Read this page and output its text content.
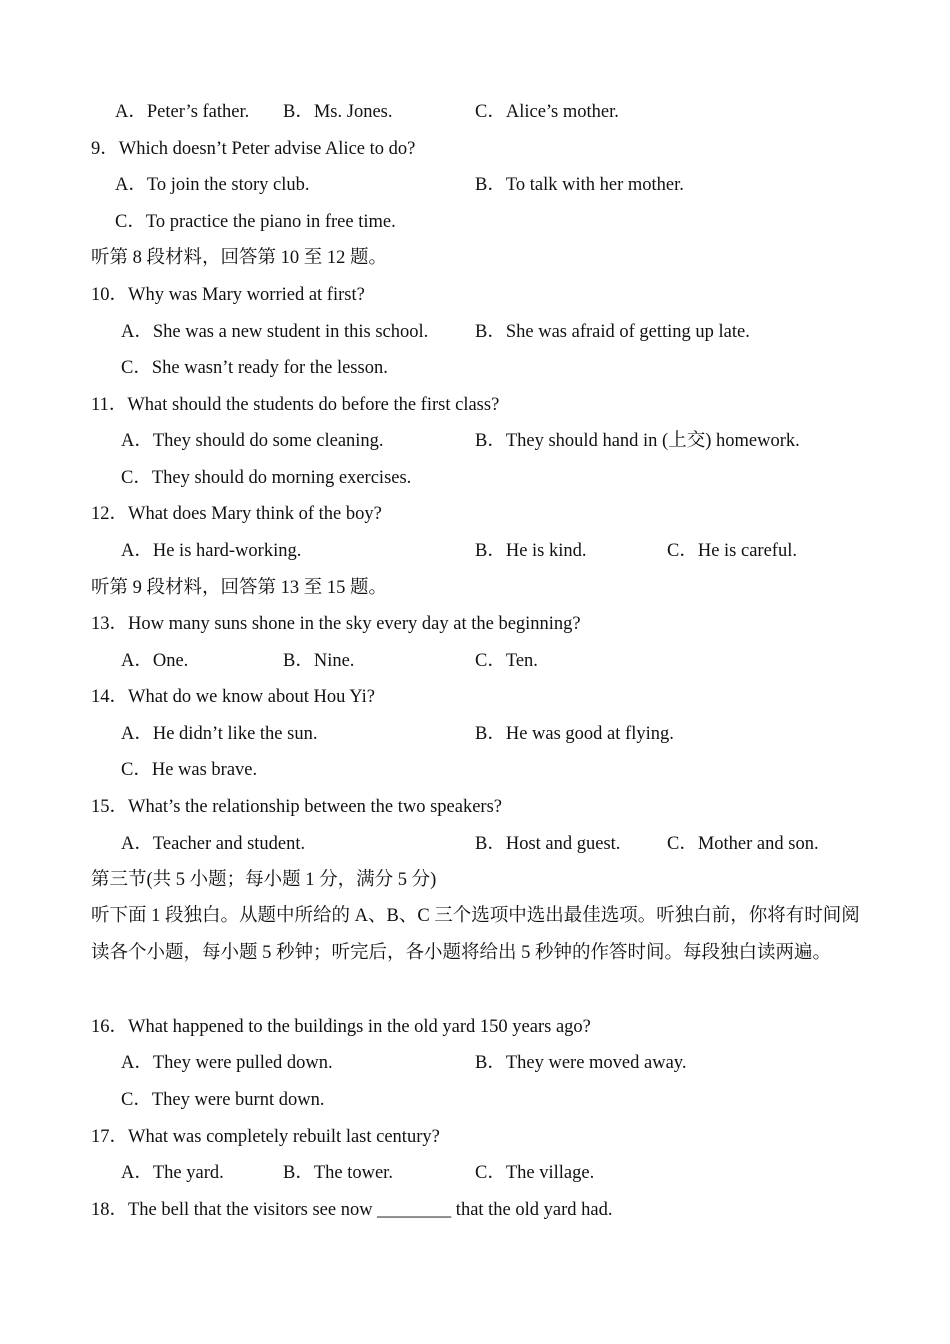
A．Peter’s father. B．Ms. Jones.	C．Alice’s mother.
9．Which doesn’t Peter advise Alice to do?
A．To join the story club.	B．To talk with her mother.
C．To practice the piano in free time.
听第 8 段材料，回答第 10 至 12 题。
10．Why was Mary worried at first?
A．She was a new student in this school.	B．She was afraid of getting up late.
C．She wasn’t ready for the lesson.
11．What should the students do before the first class?
A．They should do some cleaning.	B．They should hand in (上交) homework.
C．They should do morning exercises.
12．What does Mary think of the boy?
A．He is hard-working.	B．He is kind.	C．He is careful.
听第 9 段材料，回答第 13 至 15 题。
13．How many suns shone in the sky every day at the beginning?
A．One.	B．Nine.	C．Ten.
14．What do we know about Hou Yi?
A．He didn’t like the sun.	B．He was good at flying.
C．He was brave.
15．What’s the relationship between the two speakers?
A．Teacher and student.	B．Host and guest.	C．Mother and son.
第三节(共 5 小题；每小题 1 分，满分 5 分)
听下面 1 段独白。从题中所给的 A、B、C 三个选项中选出最佳选项。听独白前，你将有时间阅读各个小题，每小题 5 秒钟；听完后，各小题将给出 5 秒钟的作答时间。每段独白读两遍。
16．What happened to the buildings in the old yard 150 years ago?
A．They were pulled down.	B．They were moved away.
C．They were burnt down.
17．What was completely rebuilt last century?
A．The yard.	B．The tower.	C．The village.
18．The bell that the visitors see now ________ that the old yard had.
